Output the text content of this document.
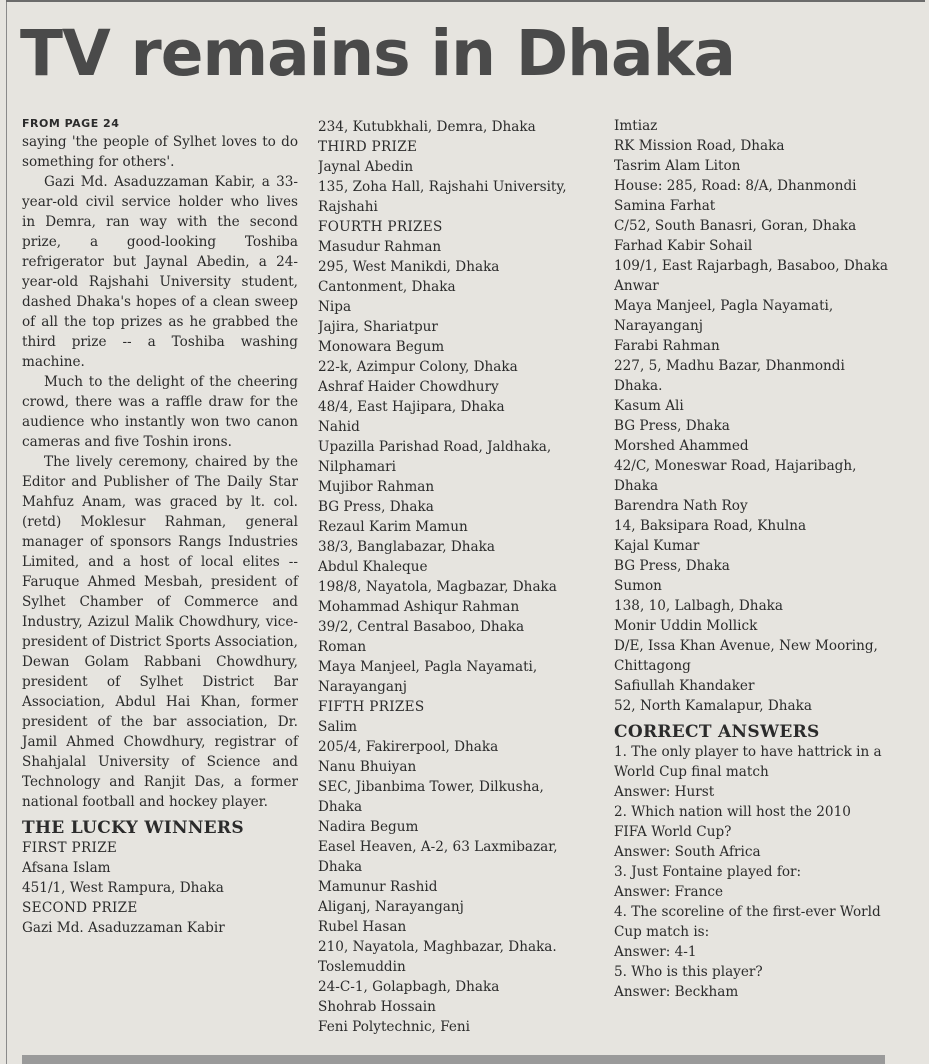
TV remains in Dhaka
FROM PAGE 24
saying 'the people of Sylhet loves to do something for others'.
Gazi Md. Asaduzzaman Kabir, a 33-year-old civil service holder who lives in Demra, ran way with the second prize, a good-looking Toshiba refrigerator but Jaynal Abedin, a 24-year-old Rajshahi University student, dashed Dhaka's hopes of a clean sweep of all the top prizes as he grabbed the third prize -- a Toshiba washing machine.
Much to the delight of the cheering crowd, there was a raffle draw for the audience who instantly won two canon cameras and five Toshin irons.
The lively ceremony, chaired by the Editor and Publisher of The Daily Star Mahfuz Anam, was graced by lt. col. (retd) Moklesur Rahman, general manager of sponsors Rangs Industries Limited, and a host of local elites -- Faruque Ahmed Mesbah, president of Sylhet Chamber of Commerce and Industry, Azizul Malik Chowdhury, vice-president of District Sports Association, Dewan Golam Rabbani Chowdhury, president of Sylhet District Bar Association, Abdul Hai Khan, former president of the bar association, Dr. Jamil Ahmed Chowdhury, registrar of Shahjalal University of Science and Technology and Ranjit Das, a former national football and hockey player.
THE LUCKY WINNERS
FIRST PRIZE
Afsana Islam
451/1, West Rampura, Dhaka
SECOND PRIZE
Gazi Md. Asaduzzaman Kabir
234, Kutubkhali, Demra, Dhaka
THIRD PRIZE
Jaynal Abedin
135, Zoha Hall, Rajshahi University, Rajshahi
FOURTH PRIZES
Masudur Rahman
295, West Manikdi, Dhaka Cantonment, Dhaka
Nipa
Jajira, Shariatpur
Monowara Begum
22-k, Azimpur Colony, Dhaka
Ashraf Haider Chowdhury
48/4, East Hajipara, Dhaka
Nahid
Upazilla Parishad Road, Jaldhaka, Nilphamari
Mujibor Rahman
BG Press, Dhaka
Rezaul Karim Mamun
38/3, Banglabazar, Dhaka
Abdul Khaleque
198/8, Nayatola, Magbazar, Dhaka
Mohammad Ashiqur Rahman
39/2, Central Basaboo, Dhaka
Roman
Maya Manjeel, Pagla Nayamati, Narayanganj
FIFTH PRIZES
Salim
205/4, Fakirerpool, Dhaka
Nanu Bhuiyan
SEC, Jibanbima Tower, Dilkusha, Dhaka
Nadira Begum
Easel Heaven, A-2, 63 Laxmibazar, Dhaka
Mamunur Rashid
Aliganj, Narayanganj
Rubel Hasan
210, Nayatola, Maghbazar, Dhaka.
Toslemuddin
24-C-1, Golapbagh, Dhaka
Shohrab Hossain
Feni Polytechnic, Feni
Imtiaz
RK Mission Road, Dhaka
Tasrim Alam Liton
House: 285, Road: 8/A, Dhanmondi
Samina Farhat
C/52, South Banasri, Goran, Dhaka
Farhad Kabir Sohail
109/1, East Rajarbagh, Basaboo, Dhaka
Anwar
Maya Manjeel, Pagla Nayamati, Narayanganj
Farabi Rahman
227, 5, Madhu Bazar, Dhanmondi Dhaka.
Kasum Ali
BG Press, Dhaka
Morshed Ahammed
42/C, Moneswar Road, Hajaribagh, Dhaka
Barendra Nath Roy
14, Baksipara Road, Khulna
Kajal Kumar
BG Press, Dhaka
Sumon
138, 10, Lalbagh, Dhaka
Monir Uddin Mollick
D/E, Issa Khan Avenue, New Mooring, Chittagong
Safiullah Khandaker
52, North Kamalapur, Dhaka
CORRECT ANSWERS
1. The only player to have hattrick in a World Cup final match
Answer: Hurst
2. Which nation will host the 2010 FIFA World Cup?
Answer: South Africa
3. Just Fontaine played for:
Answer: France
4. The scoreline of the first-ever World Cup match is:
Answer: 4-1
5. Who is this player?
Answer: Beckham
